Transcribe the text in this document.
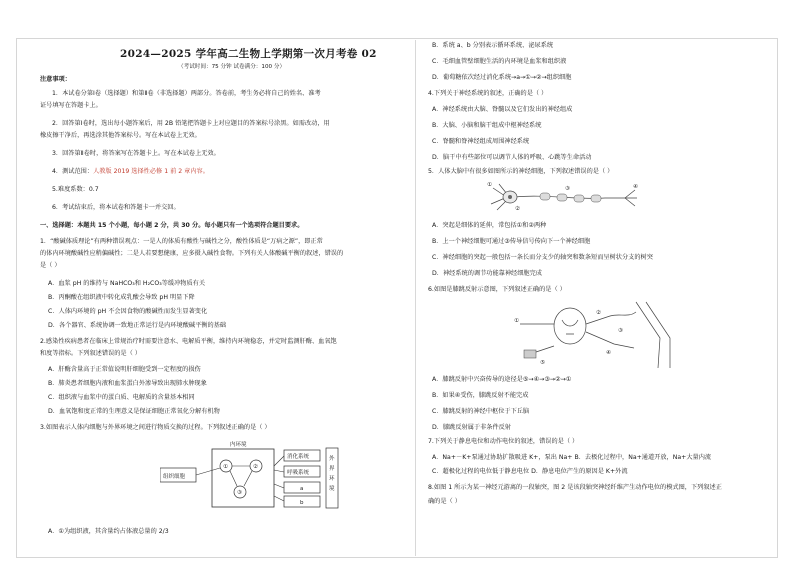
2024—2025 学年高二生物上学期第一次月考卷 02
（考试时间：75 分钟 试卷满分：100 分）
注意事项：
1．本试卷分第Ⅰ卷（选择题）和第Ⅱ卷（非选择题）两部分。答卷前，考生务必将自己的姓名、准考
证号填写在答题卡上。
2．回答第Ⅰ卷时，选出每小题答案后，用 2B 铅笔把答题卡上对应题目的答案标号涂黑。如需改动，用
橡皮擦干净后，再选涂其他答案标号。写在本试卷上无效。
3．回答第Ⅱ卷时，将答案写在答题卡上。写在本试卷上无效。
4．测试范围：人教版 2019 选择性必修 1 前 2 章内容。
5.难度系数：0.7
6．考试结束后，将本试卷和答题卡一并交回。
一、选择题：本题共 15 个小题，每小题 2 分，共 30 分。每小题只有一个选项符合题目要求。
1．“酸碱体质理论”有两种错误观点：一是人的体质有酸性与碱性之分，酸性体质是“万病之源”，即正常
的体内环境酸碱性应稍偏碱性；二是人若要想健康，应多摄入碱性食物。下列有关人体酸碱平衡的叙述，错误的
是（ ）
A．血浆 pH 的维持与 NaHCO₃和 H₂CO₃等缓冲物质有关
B．丙酮酸在组织液中转化成乳酸会导致 pH 明显下降
C．人体内环境的 pH 不会因食物的酸碱性而发生显著变化
D．各个器官、系统协调一致地正常运行是内环境酸碱平衡的基础
2.感染性疾病患者在临床上常规治疗时需要注意水、电解质平衡，维持内环境稳态，并定时监测肝酶、血氧饱
和度等指标。下列叙述错误的是（ ）
A．肝酶含量高于正常值说明肝细胞受到一定程度的损伤
B．肺炎患者细胞内液和血浆蛋白外渗导致出现肺水肿现象
C．组织液与血浆中的蛋白质、电解质的含量基本相同
D．血氧饱和度正常的生理意义是保证细胞正常氧化分解有机物
3.如图表示人体内细胞与外界环境之间进行物质交换的过程。下列叙述正确的是（ ）
内环境
组织细胞
①	②
③
消化系统
呼吸系统
a
b
外
界
环
境
A．①为组织液，其含量约占体液总量的 2/3
B．系统 a、b 分别表示循环系统、泌尿系统
C．毛细血管壁细胞生活的内环境是血浆和组织液
D．葡萄糖依次经过消化系统→a→①→②→组织细胞
4.下列关于神经系统的叙述，正确的是（ ）
A．神经系统由大脑、脊髓以及它们发出的神经组成
B．大脑、小脑和脑干组成中枢神经系统
C．脊髓和脊神经组成周围神经系统
D．脑干中有些部位可以调节人体的呼吸、心跳等生命活动
5．人体大脑中有很多如图所示的神经细胞，下列叙述错误的是（ ）
①
②
③	④
A．突起是细体的延伸，常包括①和②两种
B．上一个神经细胞可通过③传导信号传向下一个神经细胞
C．神经细胞的突起一般包括一条长而分支少的轴突和数条短而呈树状分支的树突
D．神经系统的调节功能靠神经细胞完成
6.如图是膝跳反射示意图，下列叙述正确的是（ ）
①
②
③
④
⑤
A．膝跳反射中兴奋传导的途径是⑤→④→③→②→①
B．如果④受伤，膝跳反射不能完成
C．膝跳反射的神经中枢位于下丘脑
D．膝跳反射属于非条件反射
7.下列关于静息电位和动作电位的叙述，错误的是（ ）
A．Na+－K+泵通过协助扩散吸进 K+，泵出 Na+ B．去极化过程中，Na+通道开放，Na+大量内流
C．超极化过程的电位低于静息电位 D．静息电位产生的原因是 K+外流
8.如图 1 所示为某一神经元游离的一段轴突，图 2 是该段轴突神经纤维产生动作电位的模式图，下列叙述正
确的是（ ）
